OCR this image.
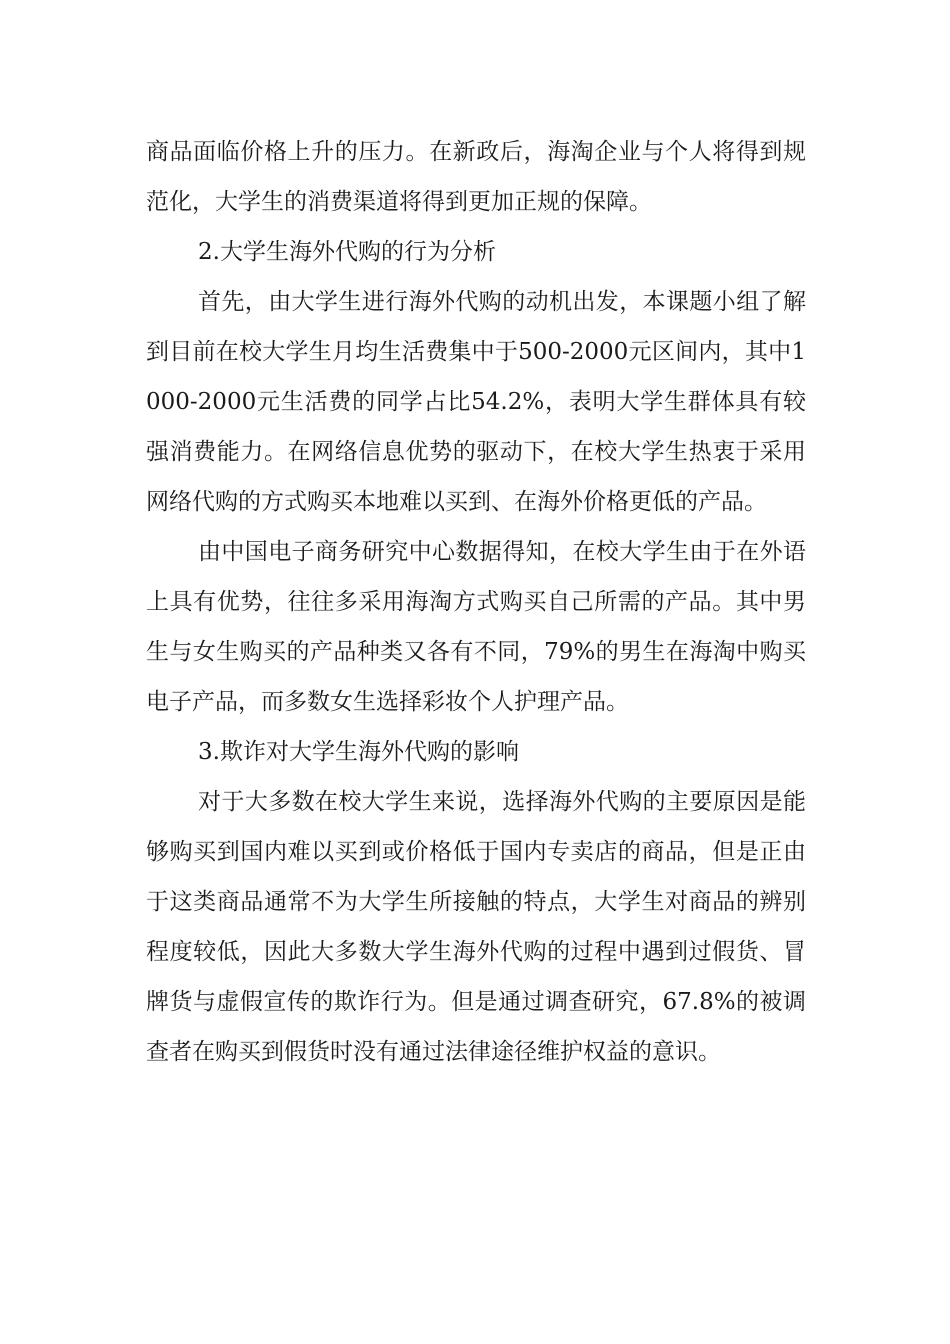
商品面临价格上升的压力。在新政后，海淘企业与个人将得到规范化，大学生的消费渠道将得到更加正规的保障。

2.大学生海外代购的行为分析

首先，由大学生进行海外代购的动机出发，本课题小组了解到目前在校大学生月均生活费集中于500-2000元区间内，其中1000-2000元生活费的同学占比54.2%，表明大学生群体具有较强消费能力。在网络信息优势的驱动下，在校大学生热衷于采用网络代购的方式购买本地难以买到、在海外价格更低的产品。

由中国电子商务研究中心数据得知，在校大学生由于在外语上具有优势，往往多采用海淘方式购买自己所需的产品。其中男生与女生购买的产品种类又各有不同，79%的男生在海淘中购买电子产品，而多数女生选择彩妆个人护理产品。

3.欺诈对大学生海外代购的影响

对于大多数在校大学生来说，选择海外代购的主要原因是能够购买到国内难以买到或价格低于国内专卖店的商品，但是正由于这类商品通常不为大学生所接触的特点，大学生对商品的辨别程度较低，因此大多数大学生海外代购的过程中遇到过假货、冒牌货与虚假宣传的欺诈行为。但是通过调查研究，67.8%的被调查者在购买到假货时没有通过法律途径维护权益的意识。
